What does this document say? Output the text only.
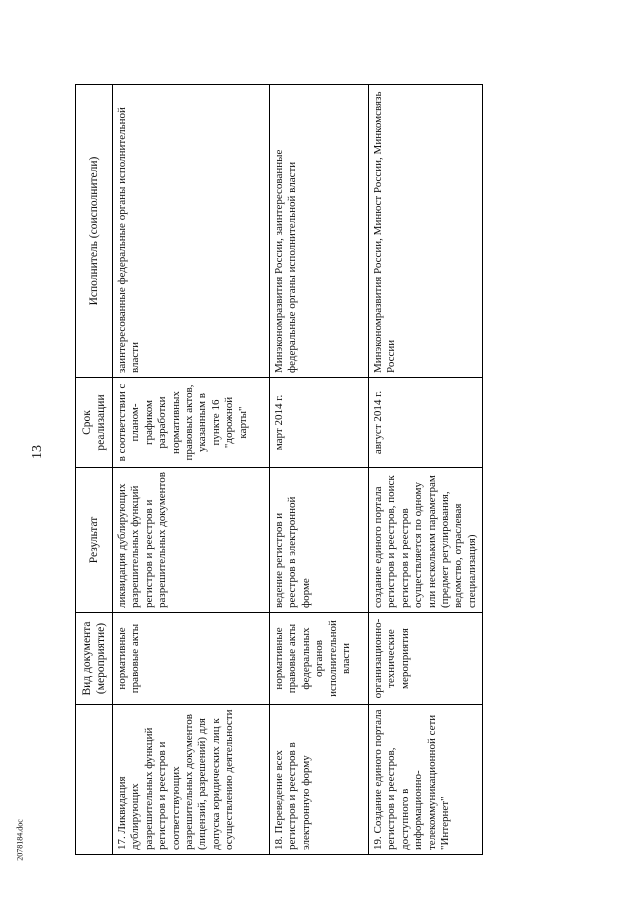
13
2078184.doc
	Вид документа (мероприятие)	Результат	Срок реализации	Исполнитель (соисполнители)
17. Ликвидация дублирующих разрешительных функций регистров и реестров и соответствующих разрешительных документов (лицензий, разрешений) для допуска юридических лиц к осуществлению деятельности	нормативные правовые акты	ликвидация дублирующих разрешительных функций регистров и реестров и разрешительных документов	в соответствии с планом-графиком разработки нормативных правовых актов, указанным в пункте 16 "дорожной карты"	заинтересованные федеральные органы исполнительной власти
18. Переведение всех регистров и реестров в электронную форму	нормативные правовые акты федеральных органов исполнительной власти	ведение регистров и реестров в электронной форме	март 2014 г.	Минэкономразвития России, заинтересованные федеральные органы исполнительной власти
19. Создание единого портала регистров и реестров, доступного в информационно-телекоммуникационной сети "Интернет"	организационно-технические мероприятия	создание единого портала регистров и реестров, поиск регистров и реестров осуществляется по одному или нескольким параметрам (предмет регулирования, ведомство, отраслевая специализация)	август 2014 г.	Минэкономразвития России, Минюст России, Минкомсвязь России
